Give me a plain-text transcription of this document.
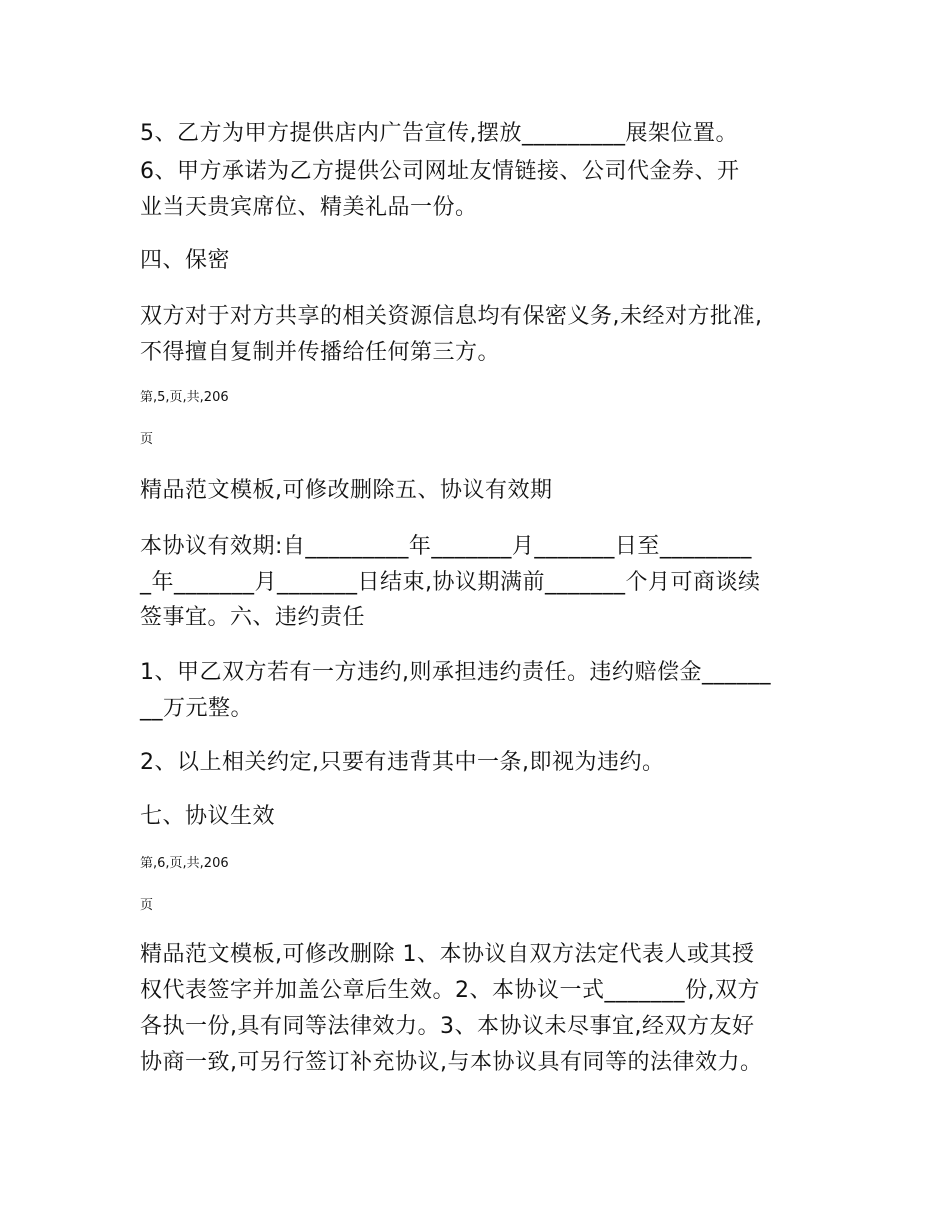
5、乙方为甲方提供店内广告宣传,摆放_________展架位置。
6、甲方承诺为乙方提供公司网址友情链接、公司代金券、开
业当天贵宾席位、精美礼品一份。
四、保密
双方对于对方共享的相关资源信息均有保密义务,未经对方批准,
不得擅自复制并传播给任何第三方。
第,5,页,共,206
页
精品范文模板,可修改删除五、协议有效期
本协议有效期:自_________年_______月_______日至________
_年_______月_______日结束,协议期满前_______个月可商谈续
签事宜。六、违约责任
1、甲乙双方若有一方违约,则承担违约责任。违约赔偿金______
__万元整。
2、以上相关约定,只要有违背其中一条,即视为违约。
七、协议生效
第,6,页,共,206
页
精品范文模板,可修改删除 1、本协议自双方法定代表人或其授
权代表签字并加盖公章后生效。2、本协议一式_______份,双方
各执一份,具有同等法律效力。3、本协议未尽事宜,经双方友好
协商一致,可另行签订补充协议,与本协议具有同等的法律效力。
